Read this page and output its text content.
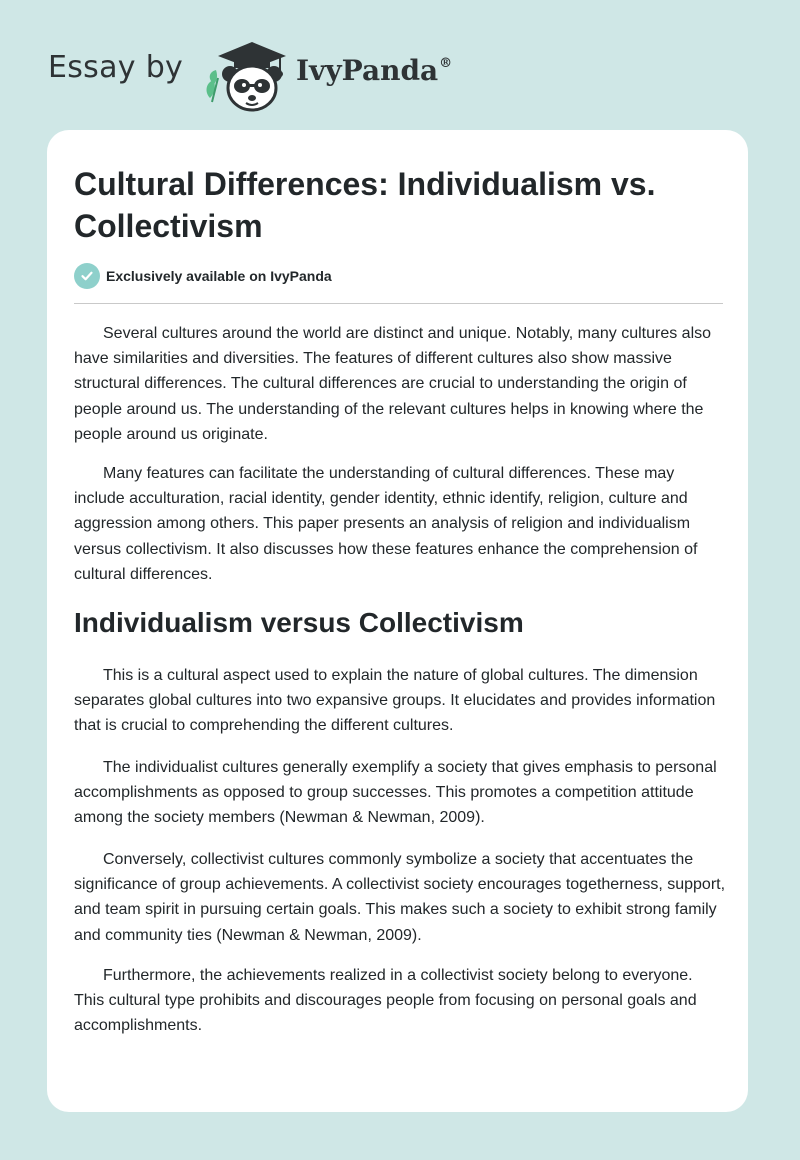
Essay by	IvyPanda®
Cultural Differences: Individualism vs. Collectivism
Exclusively available on IvyPanda

Several cultures around the world are distinct and unique. Notably, many cultures also have similarities and diversities. The features of different cultures also show massive structural differences. The cultural differences are crucial to understanding the origin of people around us. The understanding of the relevant cultures helps in knowing where the people around us originate.

Many features can facilitate the understanding of cultural differences. These may include acculturation, racial identity, gender identity, ethnic identify, religion, culture and aggression among others. This paper presents an analysis of religion and individualism versus collectivism. It also discusses how these features enhance the comprehension of cultural differences.

Individualism versus Collectivism

This is a cultural aspect used to explain the nature of global cultures. The dimension separates global cultures into two expansive groups. It elucidates and provides information that is crucial to comprehending the different cultures.

The individualist cultures generally exemplify a society that gives emphasis to personal accomplishments as opposed to group successes. This promotes a competition attitude among the society members (Newman & Newman, 2009).

Conversely, collectivist cultures commonly symbolize a society that accentuates the significance of group achievements. A collectivist society encourages togetherness, support, and team spirit in pursuing certain goals. This makes such a society to exhibit strong family and community ties (Newman & Newman, 2009).

Furthermore, the achievements realized in a collectivist society belong to everyone. This cultural type prohibits and discourages people from focusing on personal goals and accomplishments.
